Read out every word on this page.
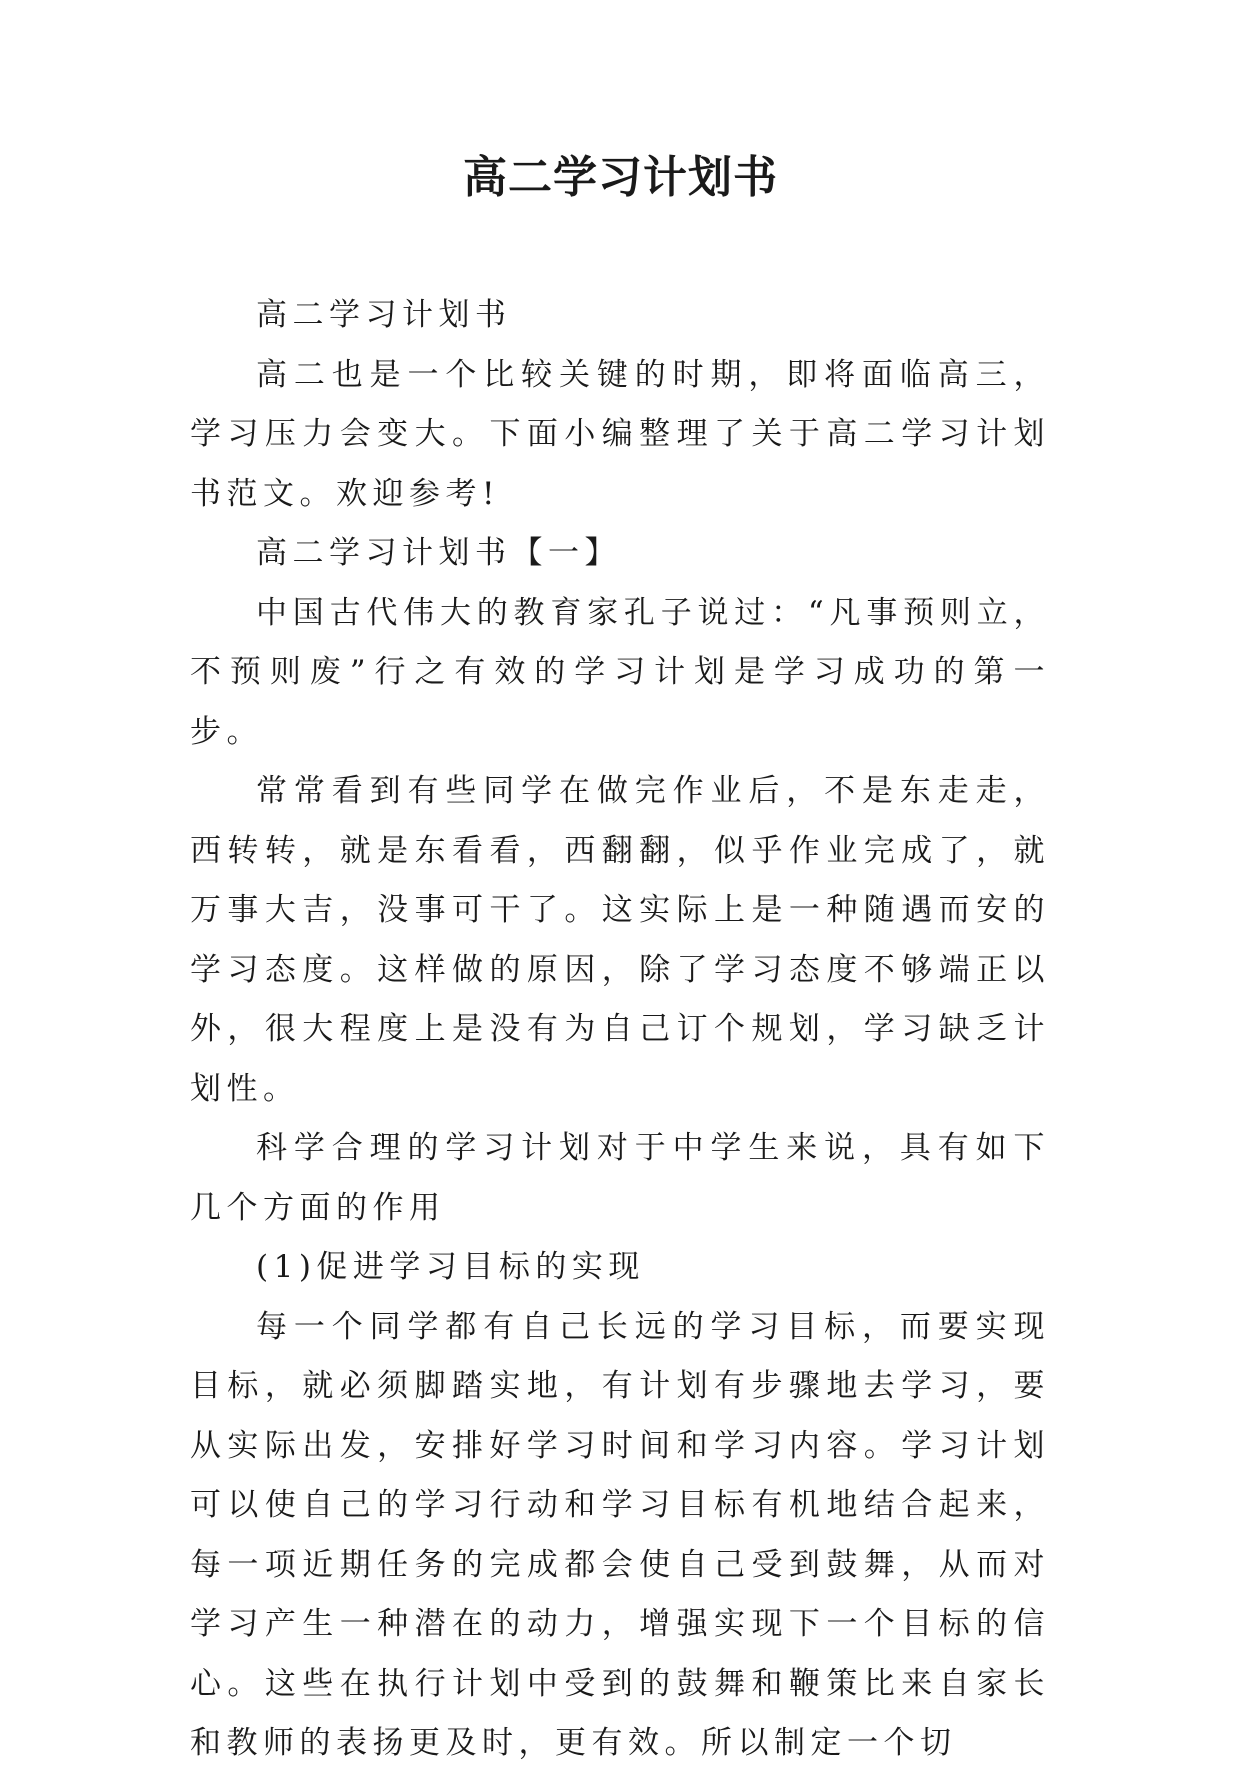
高二学习计划书

高二学习计划书

高二也是一个比较关键的时期，即将面临高三，学习压力会变大。下面小编整理了关于高二学习计划书范文。欢迎参考!

高二学习计划书【一】

中国古代伟大的教育家孔子说过：“凡事预则立，不预则废”行之有效的学习计划是学习成功的第一步。

常常看到有些同学在做完作业后，不是东走走，西转转，就是东看看，西翻翻，似乎作业完成了，就万事大吉，没事可干了。这实际上是一种随遇而安的学习态度。这样做的原因，除了学习态度不够端正以外，很大程度上是没有为自己订个规划，学习缺乏计划性。

科学合理的学习计划对于中学生来说，具有如下几个方面的作用

(1)促进学习目标的实现

每一个同学都有自己长远的学习目标，而要实现目标，就必须脚踏实地，有计划有步骤地去学习，要从实际出发，安排好学习时间和学习内容。学习计划可以使自己的学习行动和学习目标有机地结合起来，每一项近期任务的完成都会使自己受到鼓舞，从而对学习产生一种潜在的动力，增强实现下一个目标的信心。这些在执行计划中受到的鼓舞和鞭策比来自家长和教师的表扬更及时，更有效。所以制定一个切
